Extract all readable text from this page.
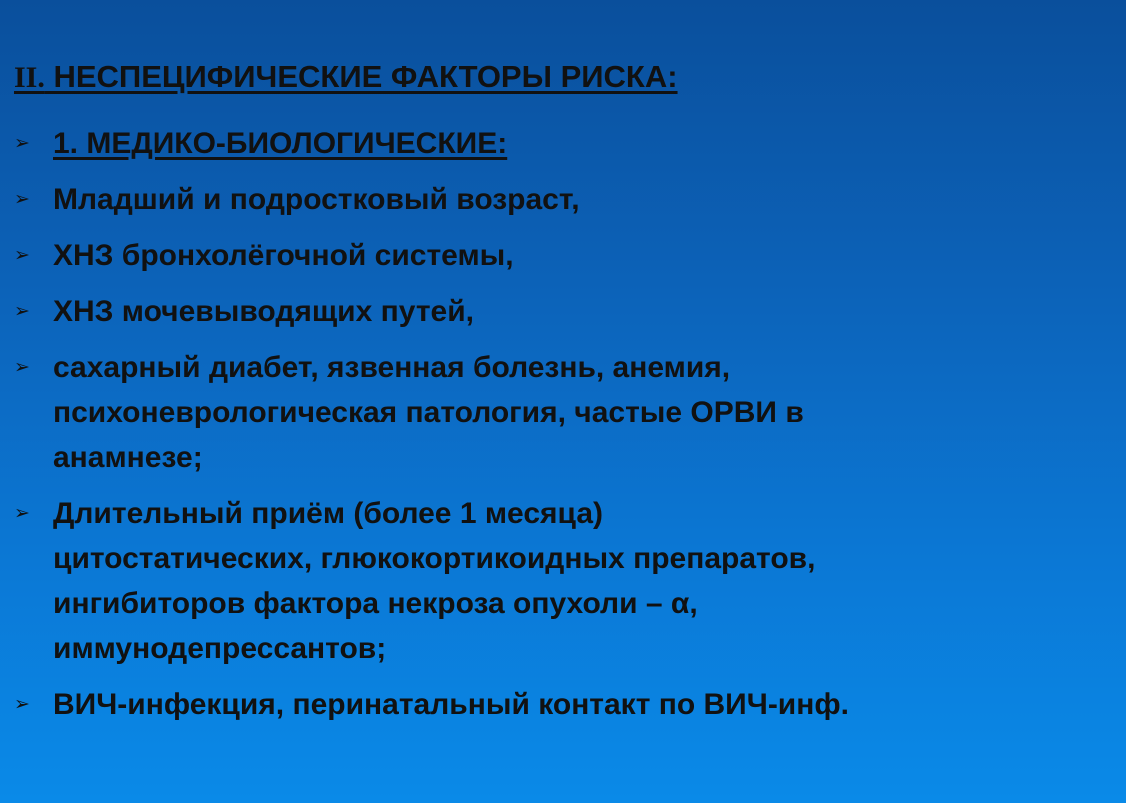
II. НЕСПЕЦИФИЧЕСКИЕ ФАКТОРЫ РИСКА:
➢ 1. МЕДИКО-БИОЛОГИЧЕСКИЕ:
➢ Младший и подростковый возраст,
➢ ХНЗ бронхолёгочной системы,
➢ ХНЗ мочевыводящих путей,
➢ сахарный диабет, язвенная болезнь, анемия,
психоневрологическая патология, частые ОРВИ в
анамнезе;
➢ Длительный приём (более 1 месяца)
цитостатических, глюкокортикоидных препаратов,
ингибиторов фактора некроза опухоли – α,
иммунодепрессантов;
➢ ВИЧ-инфекция, перинатальный контакт по ВИЧ-инф.
